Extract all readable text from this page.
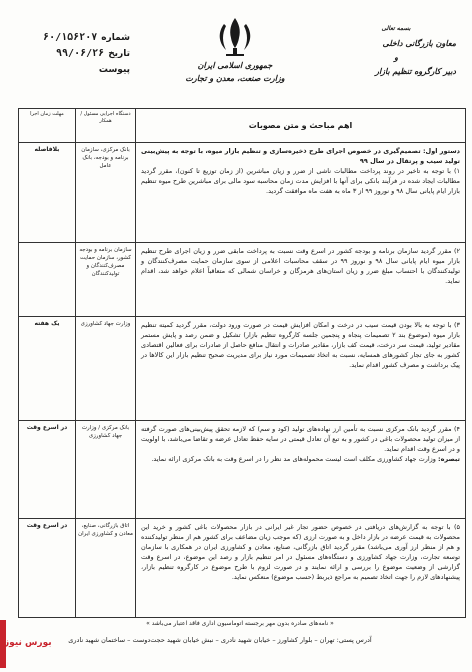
شماره
۶۰/۱۵۶۲۰۷
تاریخ
۹۹/۰۶/۲۶
پیوست	جمهوری اسلامی ایران
وزارت صنعت، معدن و تجارت
بسمه تعالی
معاون بازرگانی داخلی
و
دبیر کارگروه تنظیم بازار
اهم مباحث و متن مصوبات
دستگاه اجرایی مسئول / همکار
مهلت زمان اجرا
دستور اول: تصمیم‌گیری در خصوص اجرای طرح ذخیره‌سازی و تنظیم بازار میوه، با توجه به پیش‌بینی تولید سیب و پرتقال در سال ۹۹
۱) با توجه به تاخیر در روند پرداخت مطالبات ناشی از ضرر و زیان مباشرین (از زمان توزیع تا کنون)، مقرر گردید مطالبات ایجاد شده در فرآیند بانکی برای آنها با افزایش مدت زمان محاسبه سود مالی برای مباشرین طرح میوه تنظیم بازار ایام پایانی سال ۹۸ و نوروز ۹۹ از ۳ ماه به هفت ماه موافقت گردید.
بانک مرکزی، سازمان برنامه و بودجه، بانک عامل
بلافاصله
۲) مقرر گردید سازمان برنامه و بودجه کشور در اسرع وقت نسبت به پرداخت مابقی ضرر و زیان اجرای طرح تنظیم بازار میوه ایام پایانی سال ۹۸ و نوروز ۹۹ در سقف محاسبات اعلامی از سوی سازمان حمایت مصرف‌کنندگان و تولیدکنندگان با احتساب مبلغ ضرر و زیان استان‌های هرمزگان و خراسان شمالی که متعاقباً اعلام خواهد شد، اقدام نماید.
سازمان برنامه و بودجه کشور، سازمان حمایت مصرف‌کنندگان و تولیدکنندگان
۳) با توجه به بالا بودن قیمت سیب در درخت و امکان افزایش قیمت در صورت ورود دولت، مقرر گردید کمیته تنظیم بازار میوه (موضوع بند ۲ تصمیمات پنجاه و پنجمین جلسه کارگروه تنظیم بازار) تشکیل و ضمن رصد و پایش مستمر مقادیر تولید، قیمت سر درخت، قیمت کف بازار، مقادیر صادرات و انتقال منافع حاصل از صادرات برای فعالین اقتصادی کشور به جای تجار کشورهای همسایه، نسبت به اتخاذ تصمیمات مورد نیاز برای مدیریت صحیح تنظیم بازار این کالاها در پیک برداشت و مصرف کشور اقدام نماید.
وزارت جهاد کشاورزی
یک هفته
۴) مقرر گردید بانک مرکزی نسبت به تأمین ارز نهاده‌های تولید (کود و سم) که لازمه تحقق پیش‌بینی‌های صورت گرفته از میزان تولید محصولات باغی در کشور و به تبع آن تعادل قیمتی در سایه حفظ تعادل عرضه و تقاضا می‌باشد، با اولویت و در اسرع وقت اقدام نماید.
تبصره: وزارت جهاد کشاورزی مکلف است لیست محموله‌های مد نظر را در اسرع وقت به بانک مرکزی ارائه نماید.
بانک مرکزی / وزارت جهاد کشاورزی
در اسرع وقت
۵) با توجه به گزارش‌های دریافتی در خصوص حضور تجار غیر ایرانی در بازار محصولات باغی کشور و خرید این محصولات به قیمت عرضه در بازار داخل و به صورت ارزی (که موجب زیان مضاعف برای کشور هم از منظر تولیدکننده و هم از منظر ارز آوری می‌باشد) مقرر گردید اتاق بازرگانی، صنایع، معادن و کشاورزی ایران در همکاری با سازمان توسعه تجارت، وزارت جهاد کشاورزی و دستگاه‌های مسئول در امر تنظیم بازار و رصد این موضوع، در اسرع وقت گزارشی از وضعیت موضوع را بررسی و ارائه نمایند و در صورت لزوم با طرح موضوع در کارگروه تنظیم بازار، پیشنهادهای لازم را جهت اتخاذ تصمیم به مراجع ذیربط (حسب موضوع) منعکس نماید.
اتاق بازرگانی، صنایع، معادن و کشاورزی ایران
در اسرع وقت
« نامه‌های صادره بدون مهر برجسته اتوماسیون اداری فاقد اعتبار می‌باشد »
آدرس پستی: تهران – بلوار کشاورز – خیابان شهید نادری – نبش خیابان شهید حجت‌دوست – ساختمان شهید نادری
بورس نیوز
